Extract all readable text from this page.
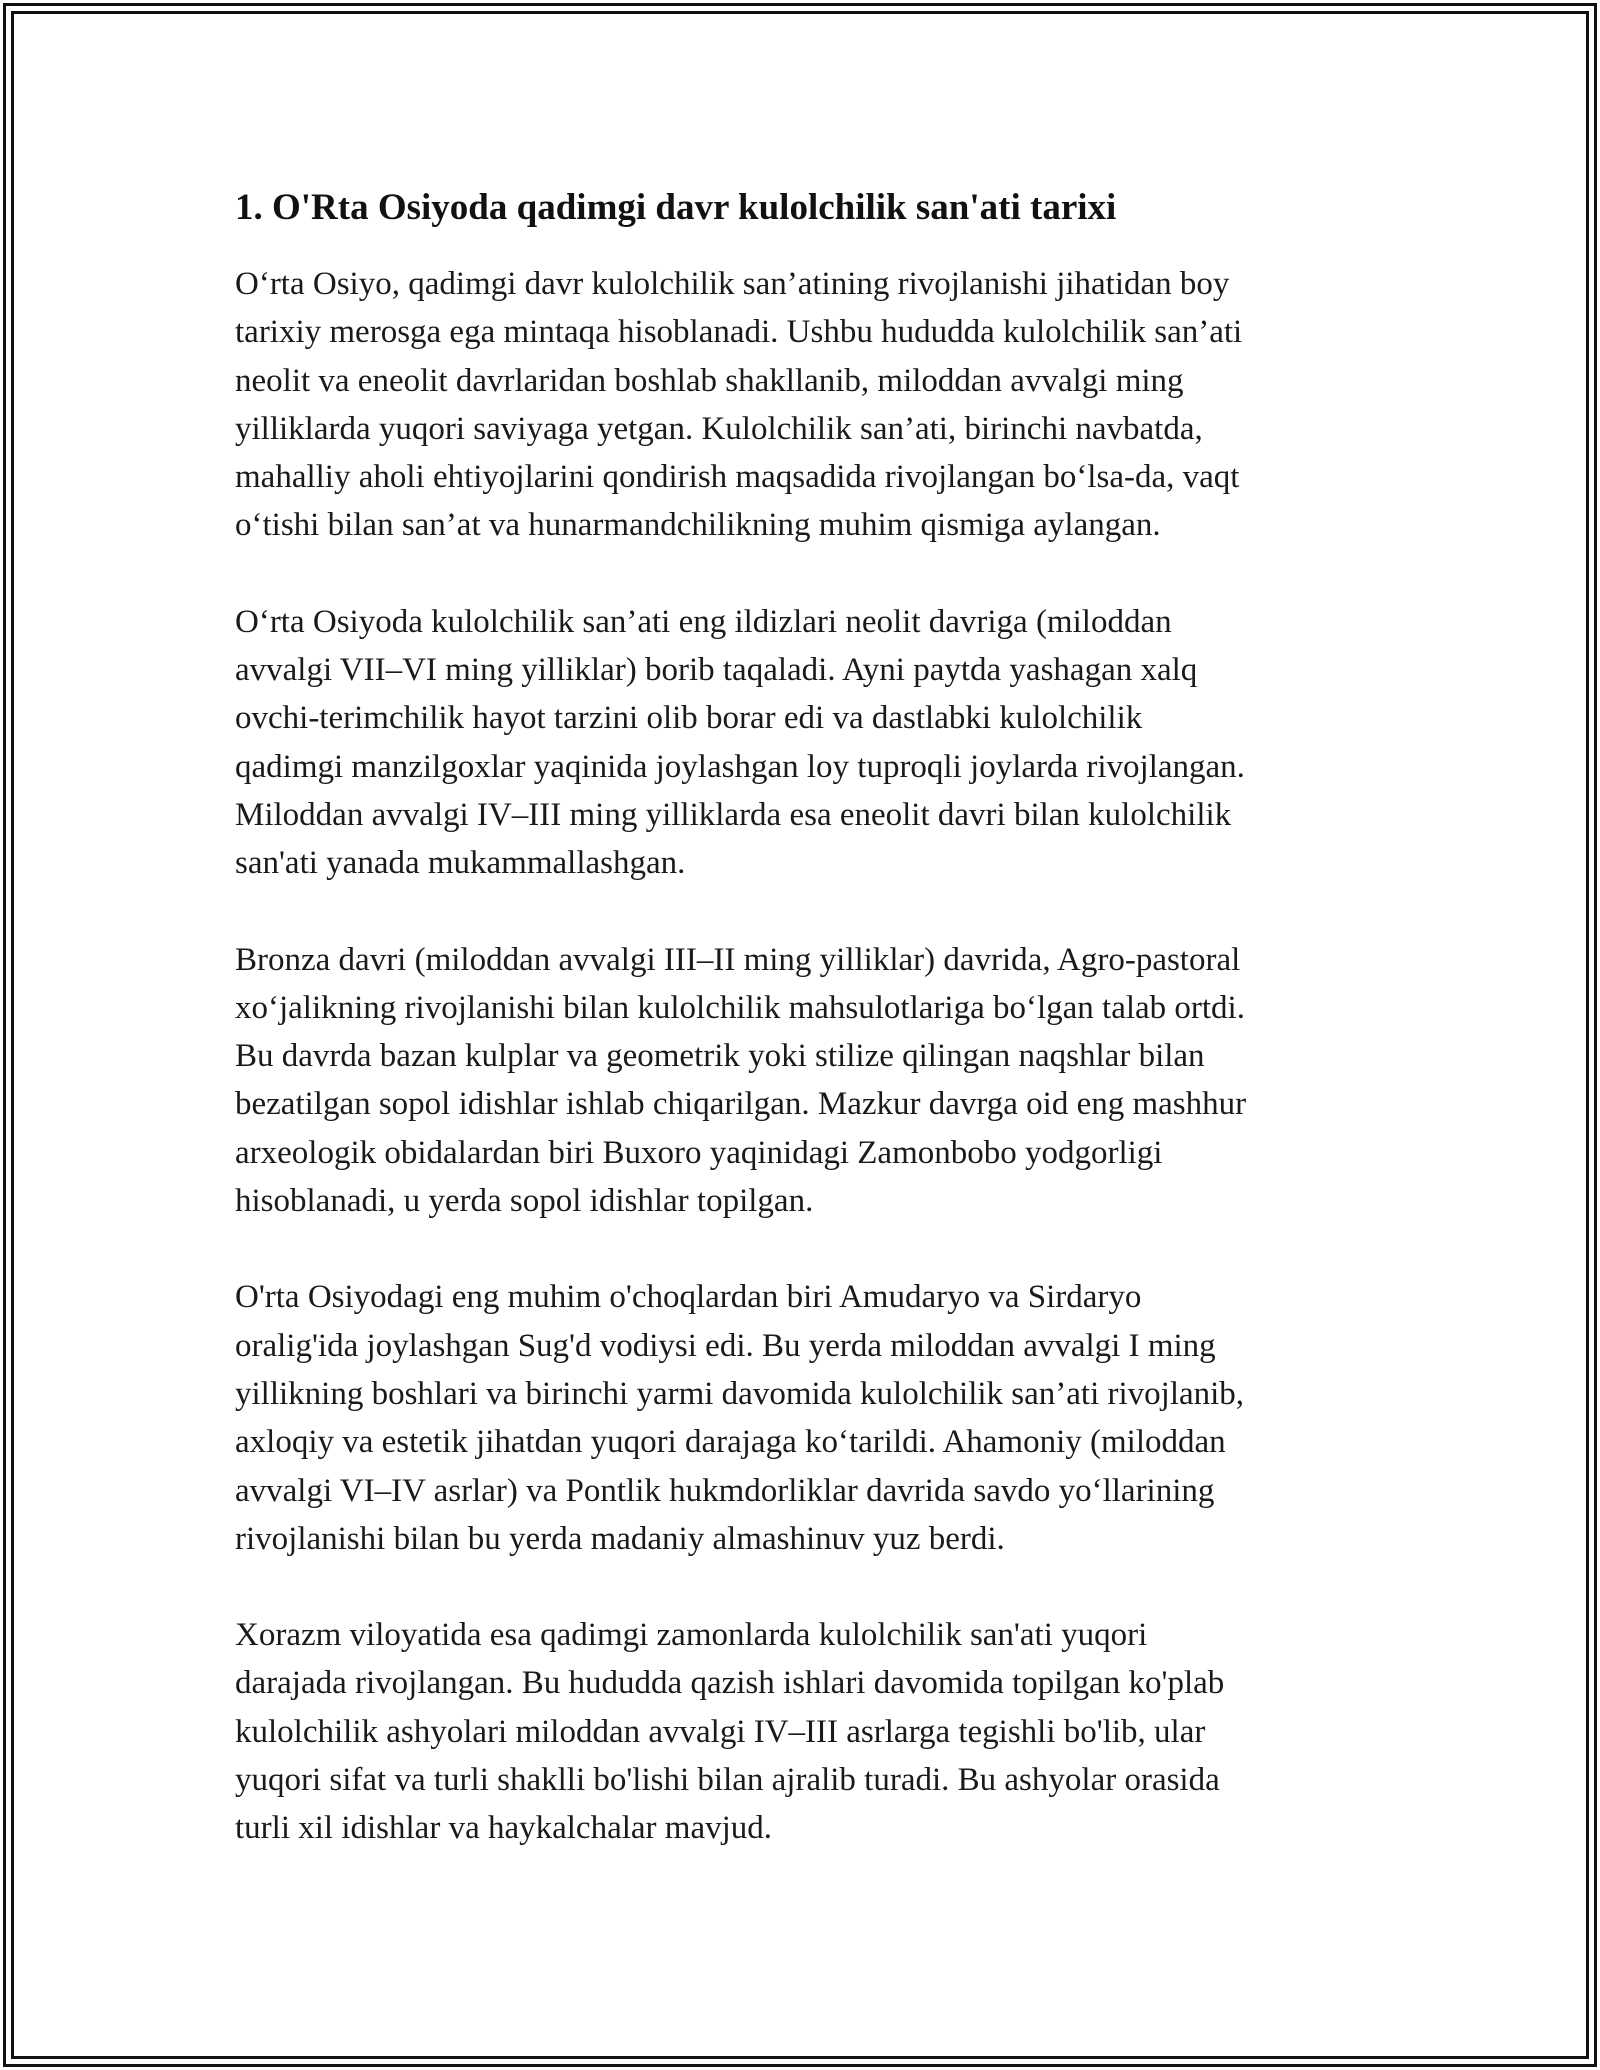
1. O'Rta Osiyoda qadimgi davr kulolchilik san'ati tarixi

O‘rta Osiyo, qadimgi davr kulolchilik san’atining rivojlanishi jihatidan boy
tarixiy merosga ega mintaqa hisoblanadi. Ushbu hududda kulolchilik san’ati
neolit va eneolit davrlaridan boshlab shakllanib, miloddan avvalgi ming
yilliklarda yuqori saviyaga yetgan. Kulolchilik san’ati, birinchi navbatda,
mahalliy aholi ehtiyojlarini qondirish maqsadida rivojlangan bo‘lsa-da, vaqt
o‘tishi bilan san’at va hunarmandchilikning muhim qismiga aylangan.

O‘rta Osiyoda kulolchilik san’ati eng ildizlari neolit davriga (miloddan
avvalgi VII–VI ming yilliklar) borib taqaladi. Ayni paytda yashagan xalq
ovchi-terimchilik hayot tarzini olib borar edi va dastlabki kulolchilik
qadimgi manzilgoxlar yaqinida joylashgan loy tuproqli joylarda rivojlangan.
Miloddan avvalgi IV–III ming yilliklarda esa eneolit davri bilan kulolchilik
san'ati yanada mukammallashgan.

Bronza davri (miloddan avvalgi III–II ming yilliklar) davrida, Agro-pastoral
xo‘jalikning rivojlanishi bilan kulolchilik mahsulotlariga bo‘lgan talab ortdi.
Bu davrda bazan kulplar va geometrik yoki stilize qilingan naqshlar bilan
bezatilgan sopol idishlar ishlab chiqarilgan. Mazkur davrga oid eng mashhur
arxeologik obidalardan biri Buxoro yaqinidagi Zamonbobo yodgorligi
hisoblanadi, u yerda sopol idishlar topilgan.

O'rta Osiyodagi eng muhim o'choqlardan biri Amudaryo va Sirdaryo
oralig'ida joylashgan Sug'd vodiysi edi. Bu yerda miloddan avvalgi I ming
yillikning boshlari va birinchi yarmi davomida kulolchilik san’ati rivojlanib,
axloqiy va estetik jihatdan yuqori darajaga ko‘tarildi. Ahamoniy (miloddan
avvalgi VI–IV asrlar) va Pontlik hukmdorliklar davrida savdo yo‘llarining
rivojlanishi bilan bu yerda madaniy almashinuv yuz berdi.

Xorazm viloyatida esa qadimgi zamonlarda kulolchilik san'ati yuqori
darajada rivojlangan. Bu hududda qazish ishlari davomida topilgan ko'plab
kulolchilik ashyolari miloddan avvalgi IV–III asrlarga tegishli bo'lib, ular
yuqori sifat va turli shaklli bo'lishi bilan ajralib turadi. Bu ashyolar orasida
turli xil idishlar va haykalchalar mavjud.
